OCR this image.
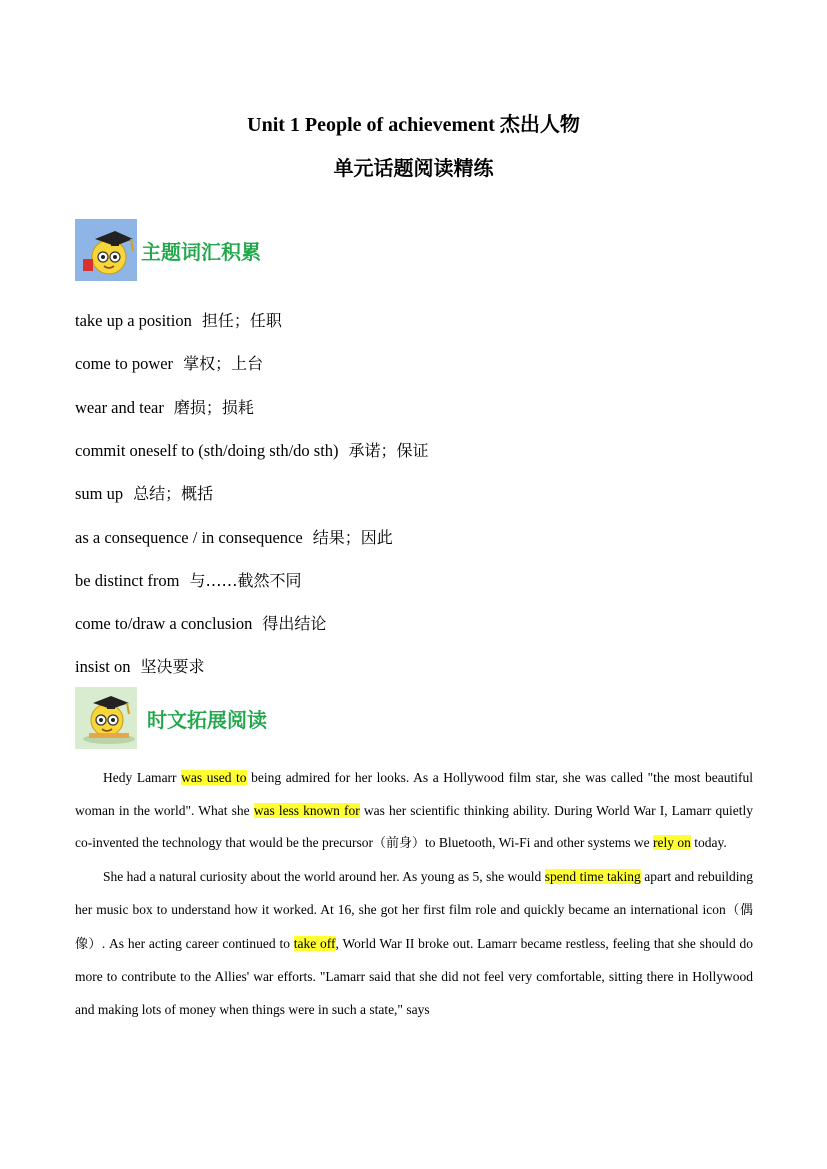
Unit 1 People of achievement 杰出人物
单元话题阅读精练
主题词汇积累
take up a position 担任；任职
come to power 掌权；上台
wear and tear 磨损；损耗
commit oneself to (sth/doing sth/do sth) 承诺；保证
sum up 总结；概括
as a consequence / in consequence 结果；因此
be distinct from 与……截然不同
come to/draw a conclusion 得出结论
insist on 坚决要求
时文拓展阅读

Hedy Lamarr was used to being admired for her looks. As a Hollywood film star, she was called "the most beautiful woman in the world". What she was less known for was her scientific thinking ability. During World War I, Lamarr quietly co-invented the technology that would be the precursor（前身）to Bluetooth, Wi-Fi and other systems we rely on today.

She had a natural curiosity about the world around her. As young as 5, she would spend time taking apart and rebuilding her music box to understand how it worked. At 16, she got her first film role and quickly became an international icon（偶像）. As her acting career continued to take off, World War II broke out. Lamarr became restless, feeling that she should do more to contribute to the Allies' war efforts. "Lamarr said that she did not feel very comfortable, sitting there in Hollywood and making lots of money when things were in such a state," says
